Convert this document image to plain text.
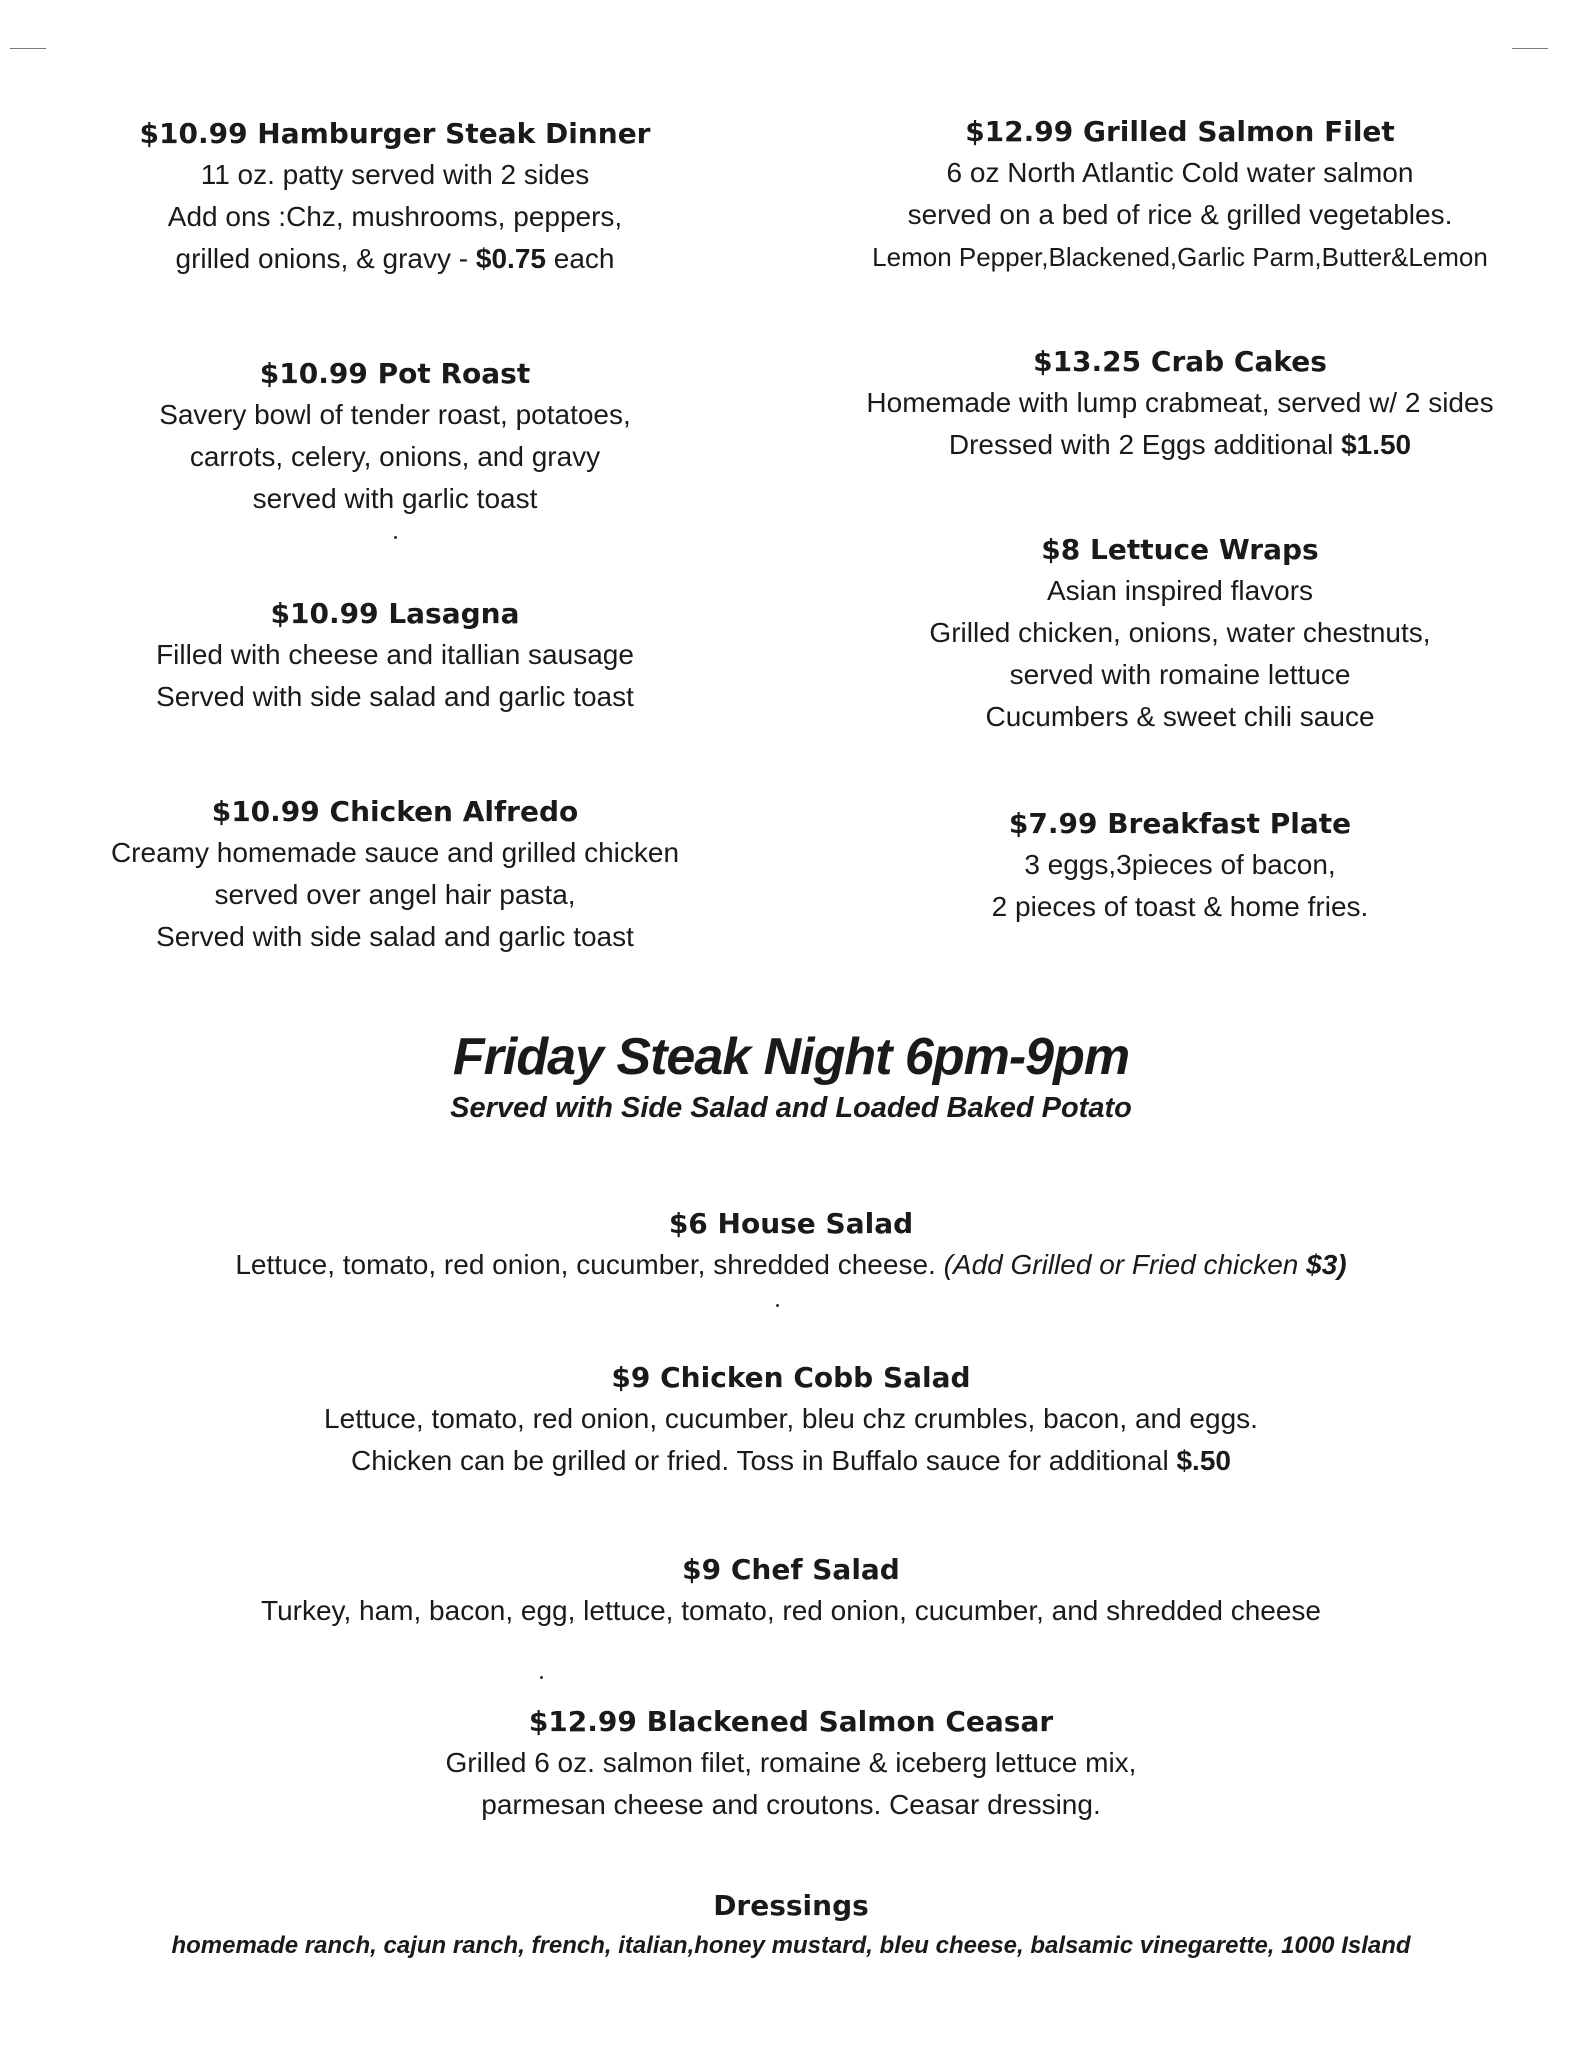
$10.99 Hamburger Steak Dinner
11 oz. patty served with 2 sides
Add ons :Chz, mushrooms, peppers,
grilled onions, & gravy - $0.75 each
$10.99 Pot Roast
Savery bowl of tender roast, potatoes,
carrots, celery, onions, and gravy
served with garlic toast
$10.99 Lasagna
Filled with cheese and itallian sausage
Served with side salad and garlic toast
$10.99 Chicken Alfredo
Creamy homemade sauce and grilled chicken
served over angel hair pasta,
Served with side salad and garlic toast
$12.99 Grilled Salmon Filet
6 oz North Atlantic Cold water salmon
served on a bed of rice & grilled vegetables.
Lemon Pepper,Blackened,Garlic Parm,Butter&Lemon
$13.25 Crab Cakes
Homemade with lump crabmeat, served w/ 2 sides
Dressed with 2 Eggs additional $1.50
$8 Lettuce Wraps
Asian inspired flavors
Grilled chicken, onions, water chestnuts,
served with romaine lettuce
Cucumbers & sweet chili sauce
$7.99 Breakfast Plate
3 eggs,3pieces of bacon,
2 pieces of toast & home fries.
Friday Steak Night 6pm-9pm
Served with Side Salad and Loaded Baked Potato
$6 House Salad
Lettuce, tomato, red onion, cucumber, shredded cheese. (Add Grilled or Fried chicken $3)
$9 Chicken Cobb Salad
Lettuce, tomato, red onion, cucumber, bleu chz crumbles, bacon, and eggs.
Chicken can be grilled or fried. Toss in Buffalo sauce for additional $.50
$9 Chef Salad
Turkey, ham, bacon, egg, lettuce, tomato, red onion, cucumber, and shredded cheese
$12.99 Blackened Salmon Ceasar
Grilled 6 oz. salmon filet, romaine & iceberg lettuce mix,
parmesan cheese and croutons. Ceasar dressing.
Dressings
homemade ranch, cajun ranch, french, italian,honey mustard, bleu cheese, balsamic vinegarette, 1000 Island
